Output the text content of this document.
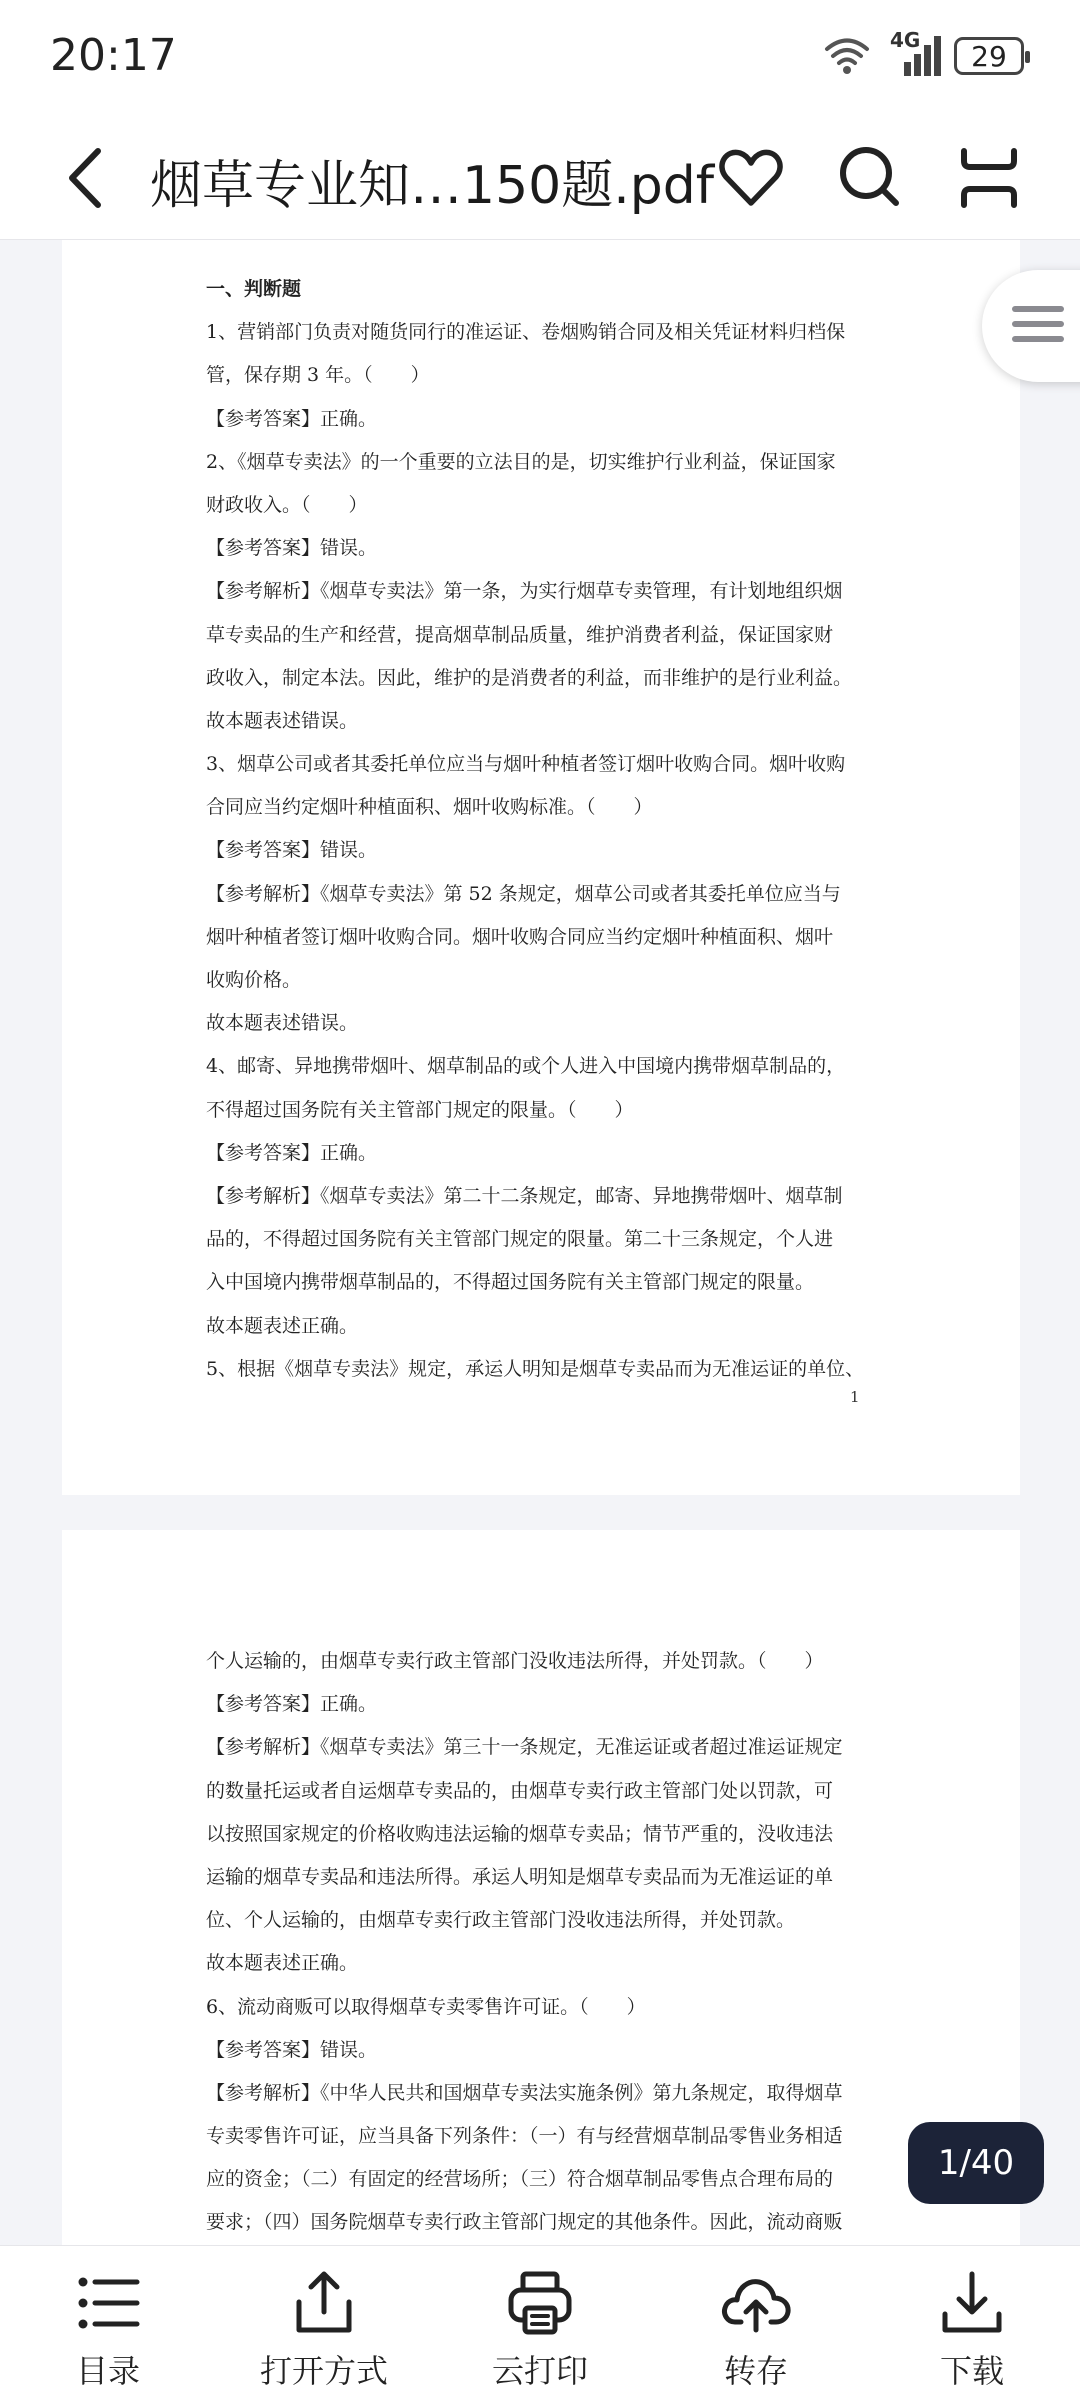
20:17	4G 29
烟草专业知…150题.pdf
一、判断题
1、营销部门负责对随货同行的准运证、卷烟购销合同及相关凭证材料归档保
管，保存期 3 年。（　　）
【参考答案】正确。
2、《烟草专卖法》的一个重要的立法目的是，切实维护行业利益，保证国家
财政收入。（　　）
【参考答案】错误。
【参考解析】《烟草专卖法》第一条，为实行烟草专卖管理，有计划地组织烟
草专卖品的生产和经营，提高烟草制品质量，维护消费者利益，保证国家财
政收入，制定本法。因此，维护的是消费者的利益，而非维护的是行业利益。
故本题表述错误。
3、烟草公司或者其委托单位应当与烟叶种植者签订烟叶收购合同。烟叶收购
合同应当约定烟叶种植面积、烟叶收购标准。（　　）
【参考答案】错误。
【参考解析】《烟草专卖法》第 52 条规定，烟草公司或者其委托单位应当与
烟叶种植者签订烟叶收购合同。烟叶收购合同应当约定烟叶种植面积、烟叶
收购价格。
故本题表述错误。
4、邮寄、异地携带烟叶、烟草制品的或个人进入中国境内携带烟草制品的，
不得超过国务院有关主管部门规定的限量。（　　）
【参考答案】正确。
【参考解析】《烟草专卖法》第二十二条规定，邮寄、异地携带烟叶、烟草制
品的，不得超过国务院有关主管部门规定的限量。第二十三条规定，个人进
入中国境内携带烟草制品的，不得超过国务院有关主管部门规定的限量。
故本题表述正确。
5、根据《烟草专卖法》规定，承运人明知是烟草专卖品而为无准运证的单位、
1
个人运输的，由烟草专卖行政主管部门没收违法所得，并处罚款。（　　）
【参考答案】正确。
【参考解析】《烟草专卖法》第三十一条规定，无准运证或者超过准运证规定
的数量托运或者自运烟草专卖品的，由烟草专卖行政主管部门处以罚款，可
以按照国家规定的价格收购违法运输的烟草专卖品；情节严重的，没收违法
运输的烟草专卖品和违法所得。承运人明知是烟草专卖品而为无准运证的单
位、个人运输的，由烟草专卖行政主管部门没收违法所得，并处罚款。
故本题表述正确。
6、流动商贩可以取得烟草专卖零售许可证。（　　）
【参考答案】错误。
【参考解析】《中华人民共和国烟草专卖法实施条例》第九条规定，取得烟草
专卖零售许可证，应当具备下列条件：（一）有与经营烟草制品零售业务相适
应的资金；（二）有固定的经营场所；（三）符合烟草制品零售点合理布局的
要求；（四）国务院烟草专卖行政主管部门规定的其他条件。因此，流动商贩
1/40
目录	打开方式	云打印	转存	下载
